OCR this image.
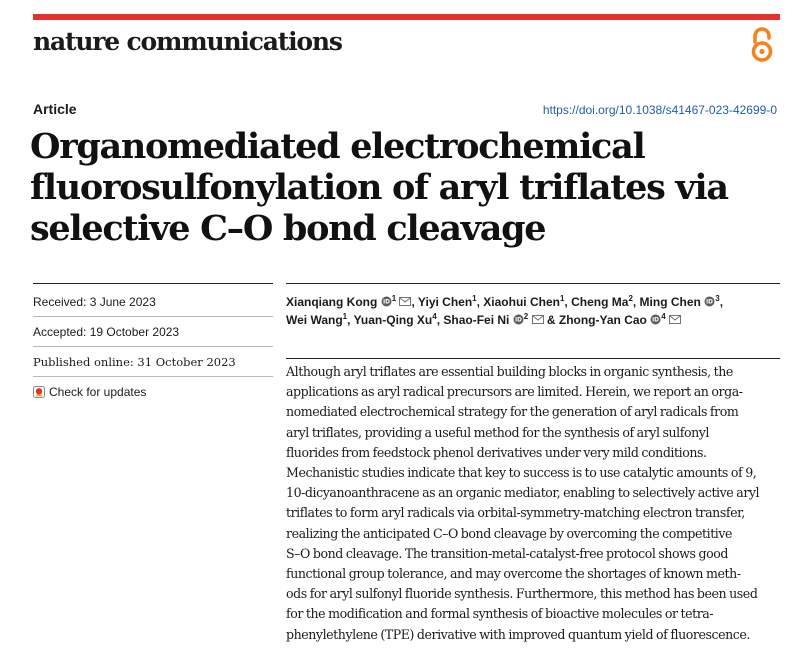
nature communications
Article	https://doi.org/10.1038/s41467-023-42699-0
Organomediated electrochemical
fluorosulfonylation of aryl triflates via
selective C–O bond cleavage
Received: 3 June 2023
Accepted: 19 October 2023
Published online: 31 October 2023
Check for updates
Xianqiang Kong iD $^1$ , Yiyi Chen$^1$, Xiaohui Chen$^1$, Cheng Ma$^2$, Ming Chen iD $^3$,
Wei Wang$^1$, Yuan-Qing Xu$^4$, Shao-Fei Ni iD $^2$  & Zhong-Yan Cao iD $^4$
Although aryl triflates are essential building blocks in organic synthesis, the
applications as aryl radical precursors are limited. Herein, we report an orga-
nomediated electrochemical strategy for the generation of aryl radicals from
aryl triflates, providing a useful method for the synthesis of aryl sulfonyl
fluorides from feedstock phenol derivatives under very mild conditions.
Mechanistic studies indicate that key to success is to use catalytic amounts of 9,
10-dicyanoanthracene as an organic mediator, enabling to selectively active aryl
triflates to form aryl radicals via orbital-symmetry-matching electron transfer,
realizing the anticipated C–O bond cleavage by overcoming the competitive
S–O bond cleavage. The transition-metal-catalyst-free protocol shows good
functional group tolerance, and may overcome the shortages of known meth-
ods for aryl sulfonyl fluoride synthesis. Furthermore, this method has been used
for the modification and formal synthesis of bioactive molecules or tetra-
phenylethylene (TPE) derivative with improved quantum yield of fluorescence.
